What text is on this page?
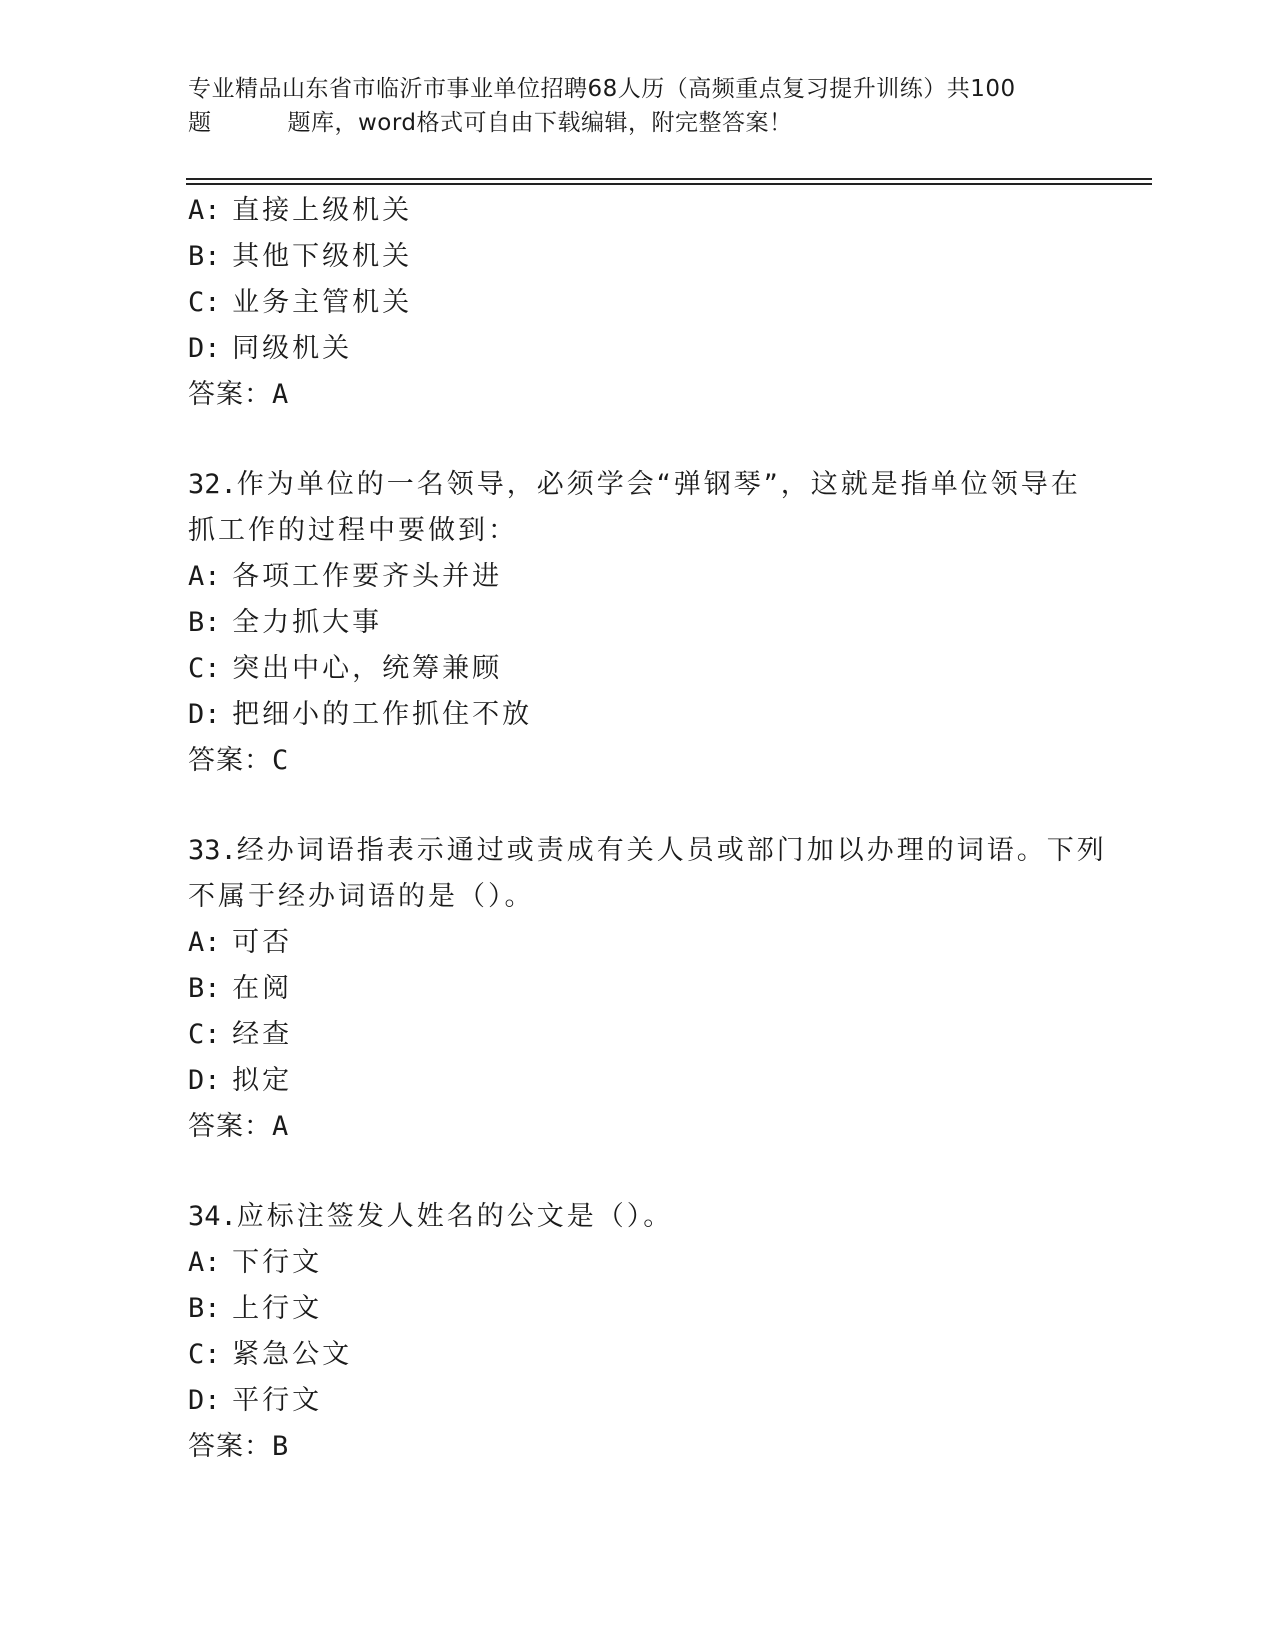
专业精品山东省市临沂市事业单位招聘68人历（高频重点复习提升训练）共100
题	题库，word格式可自由下载编辑，附完整答案！
A: 直接上级机关
B: 其他下级机关
C: 业务主管机关
D: 同级机关
答案：A
32.作为单位的一名领导，必须学会“弹钢琴”，这就是指单位领导在
抓工作的过程中要做到：
A: 各项工作要齐头并进
B: 全力抓大事
C: 突出中心，统筹兼顾
D: 把细小的工作抓住不放
答案：C
33.经办词语指表示通过或责成有关人员或部门加以办理的词语。下列
不属于经办词语的是（）。
A: 可否
B: 在阅
C: 经查
D: 拟定
答案：A
34.应标注签发人姓名的公文是（）。
A: 下行文
B: 上行文
C: 紧急公文
D: 平行文
答案：B
